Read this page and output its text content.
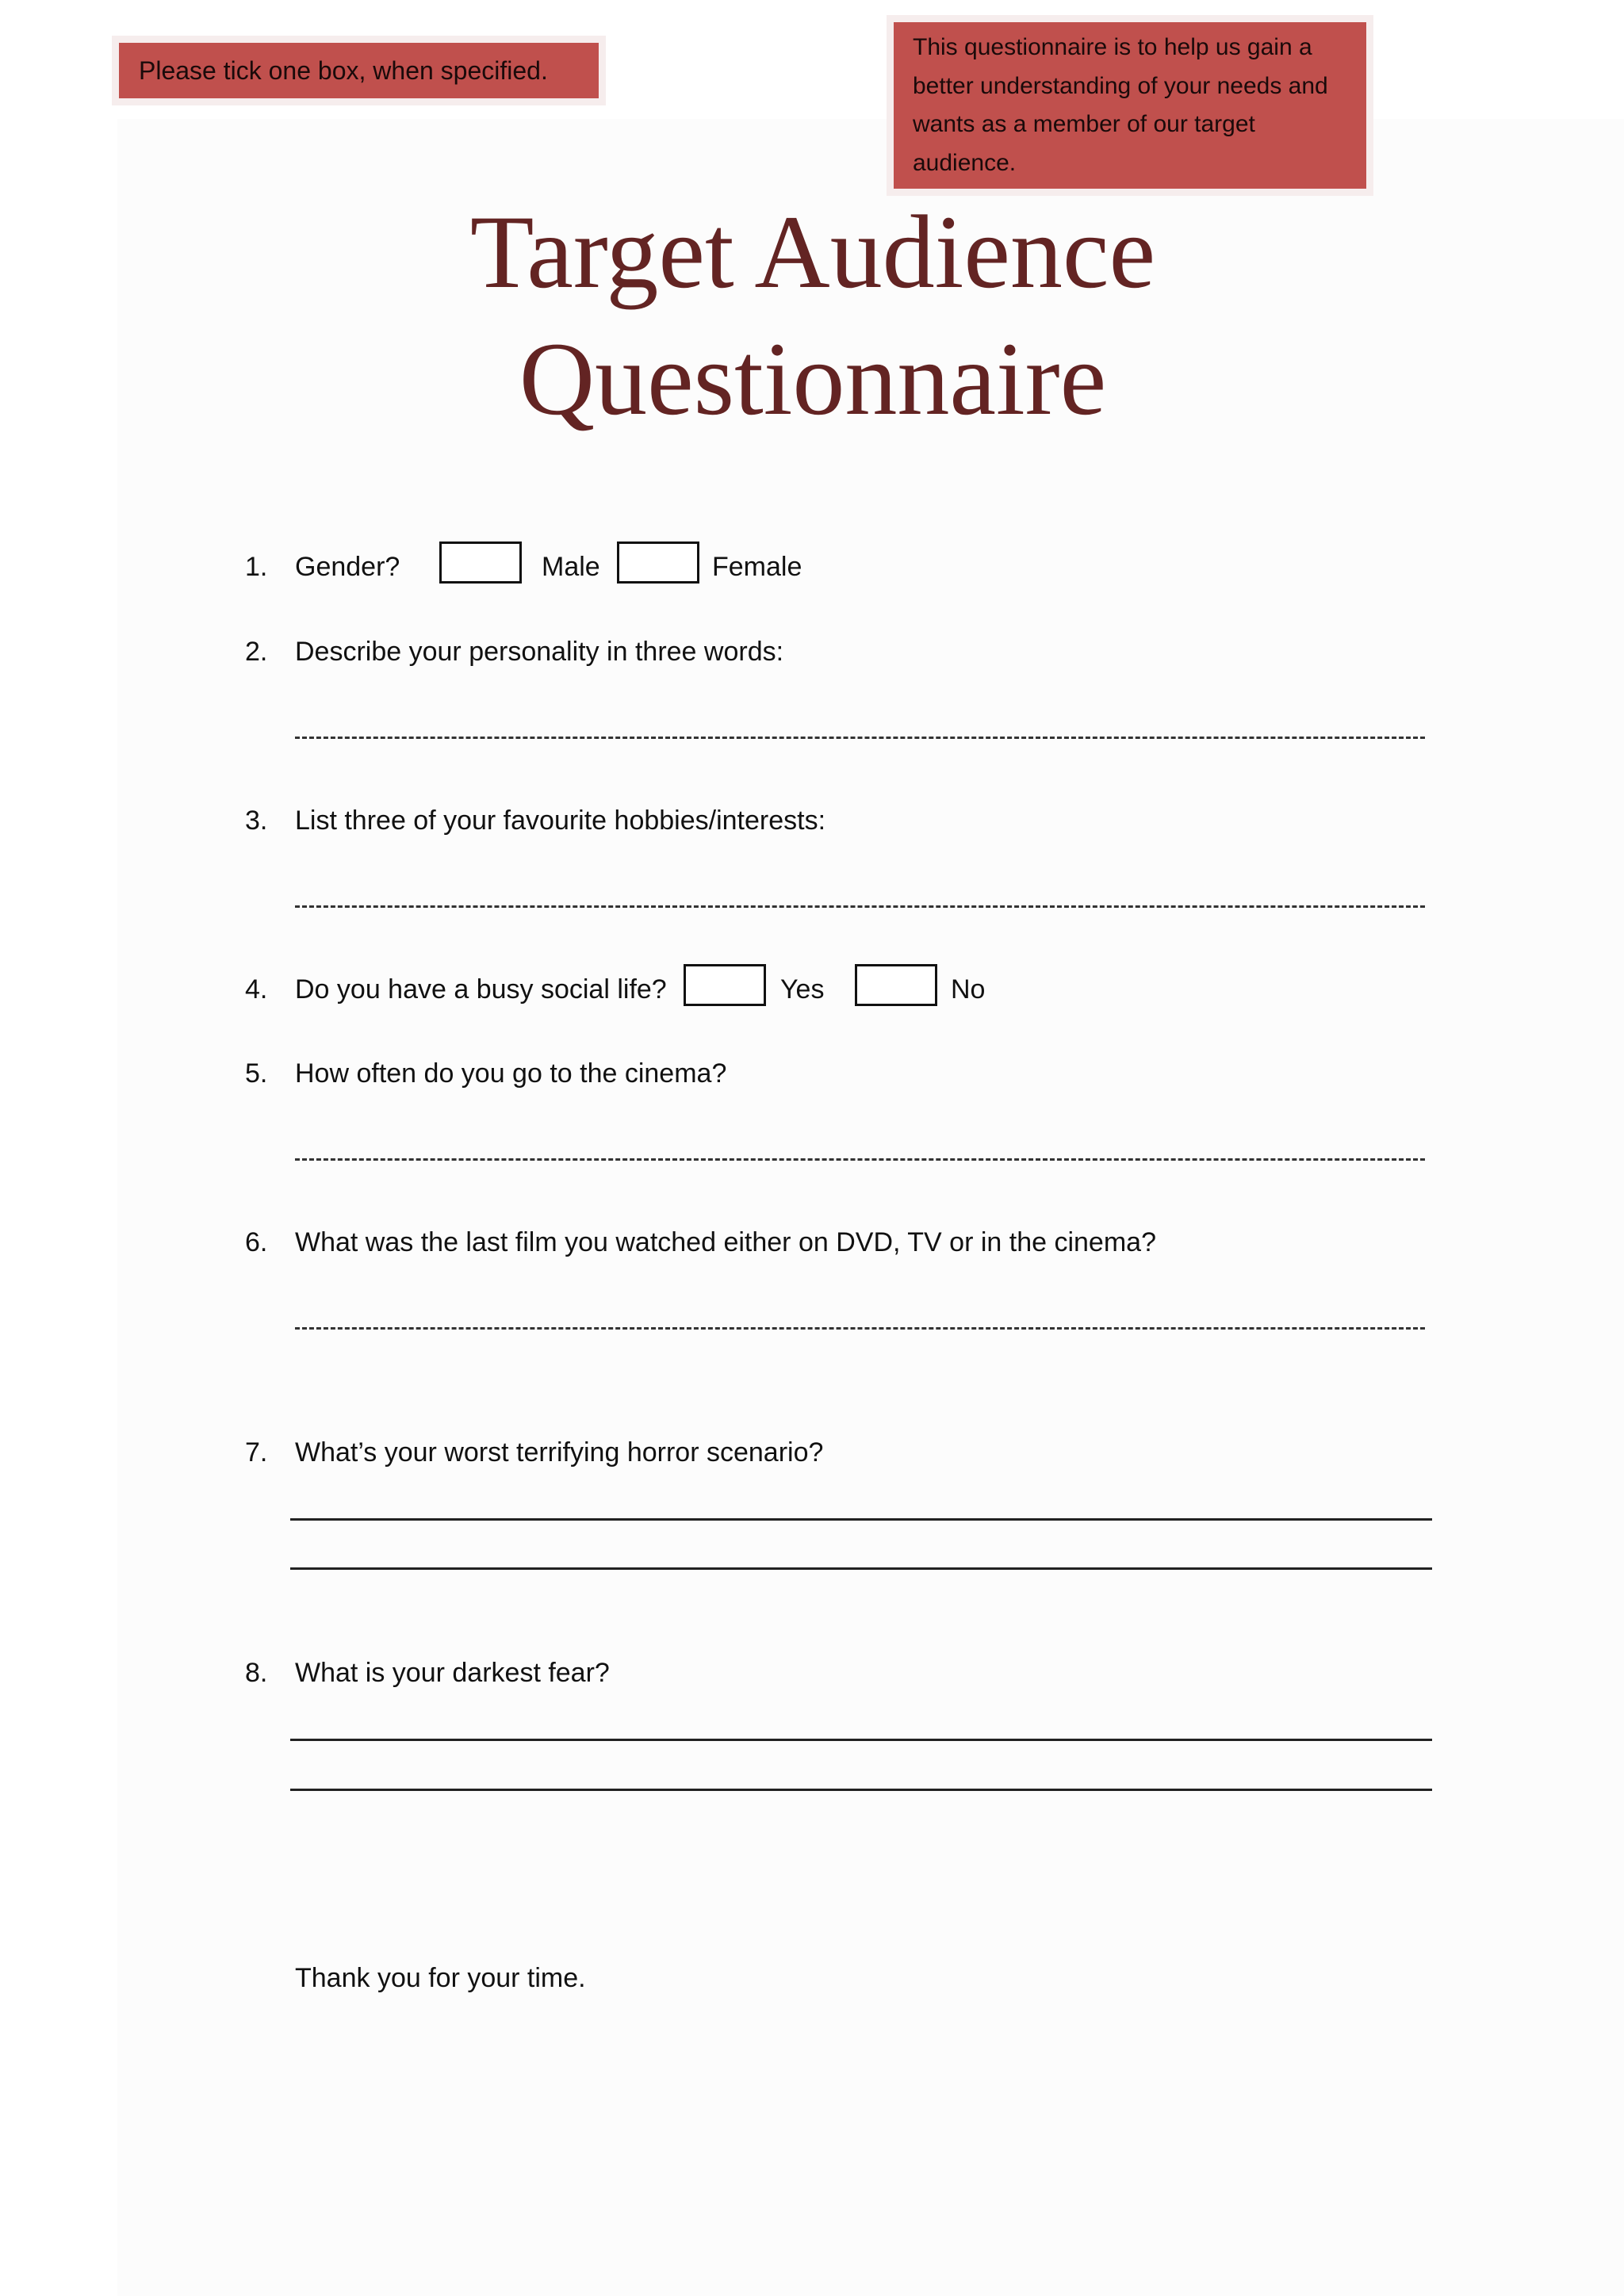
Please tick one box, when specified.
This questionnaire is to help us gain a better understanding of your needs and wants as a member of our target audience.
Target Audience
Questionnaire
1. Gender?	Male	Female
2. Describe your personality in three words:
3. List three of your favourite hobbies/interests:
4. Do you have a busy social life?	Yes	No
5. How often do you go to the cinema?
6. What was the last film you watched either on DVD, TV or in the cinema?
7. What’s your worst terrifying horror scenario?
8. What is your darkest fear?
Thank you for your time.
